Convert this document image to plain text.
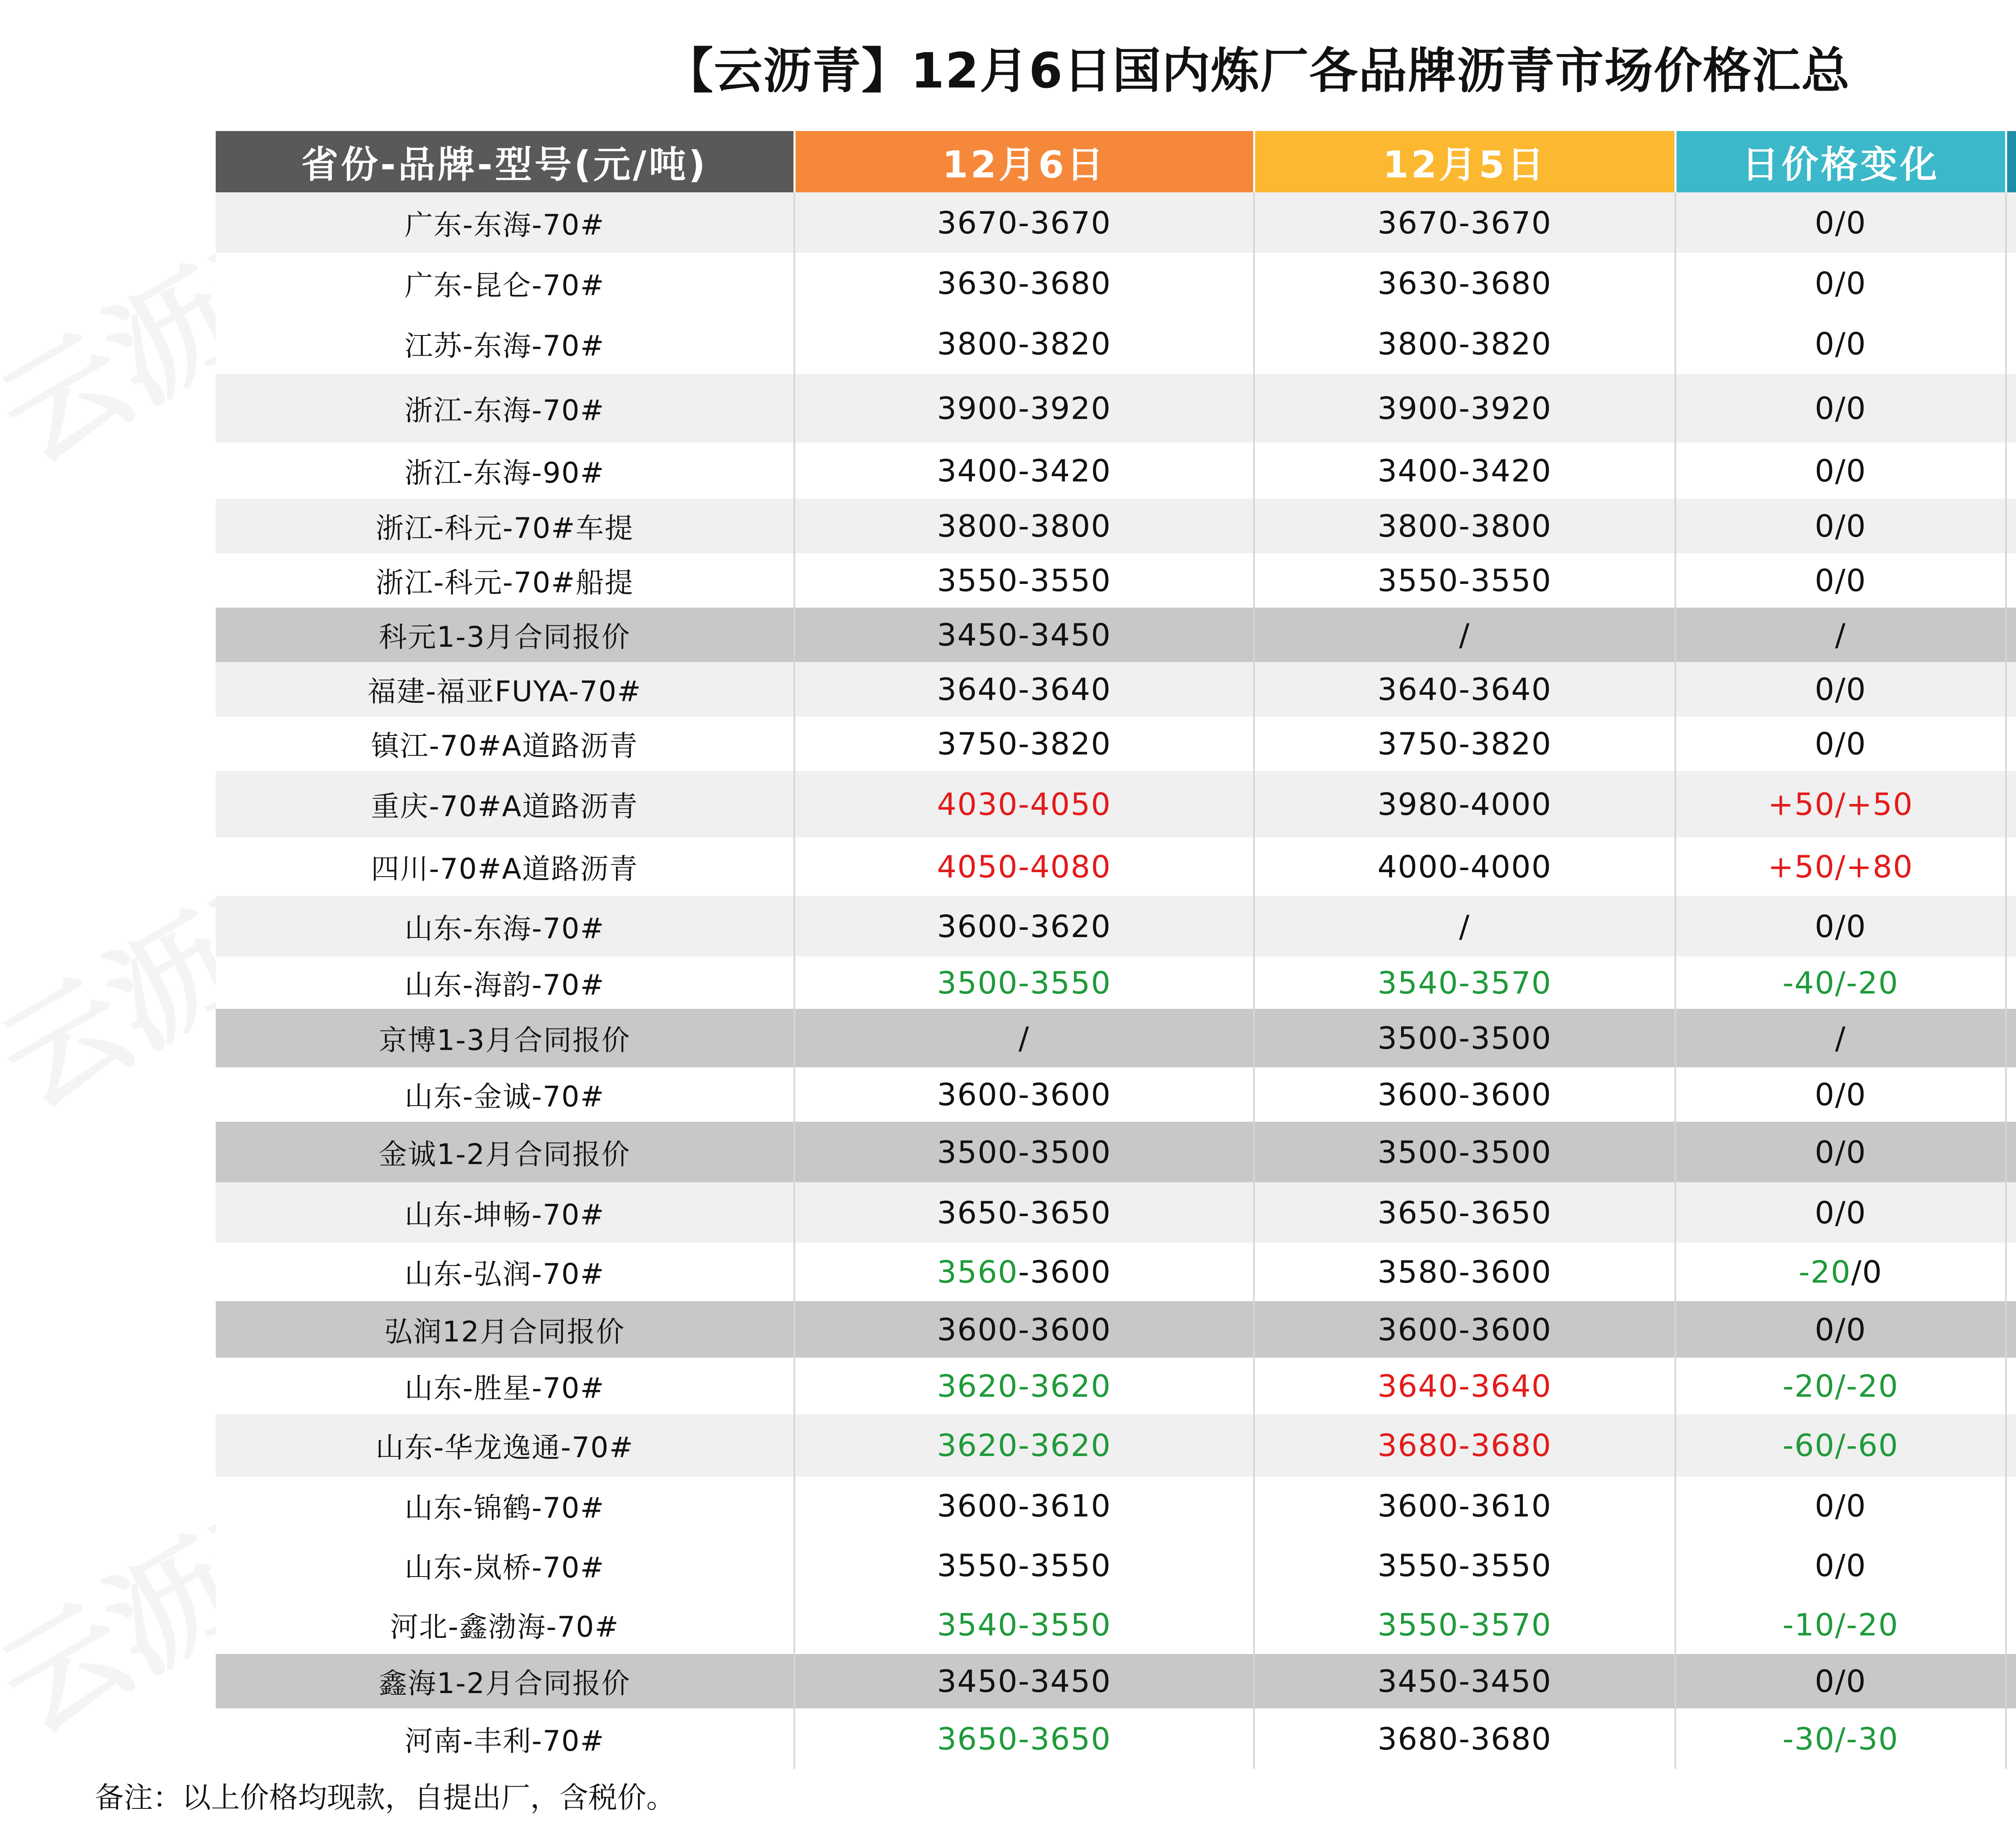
【云沥青】12月6日国内炼厂各品牌沥青市场价格汇总
省份-品牌-型号(元/吨)	12月6日	12月5日	日价格变化	
广东-东海-70#	3670-3670	3670-3670	0/0	
广东-昆仑-70#	3630-3680	3630-3680	0/0	
江苏-东海-70#	3800-3820	3800-3820	0/0	
浙江-东海-70#	3900-3920	3900-3920	0/0	
浙江-东海-90#	3400-3420	3400-3420	0/0	
浙江-科元-70#车提	3800-3800	3800-3800	0/0	
浙江-科元-70#船提	3550-3550	3550-3550	0/0	
科元1-3月合同报价	3450-3450	/	/	
福建-福亚FUYA-70#	3640-3640	3640-3640	0/0	
镇江-70#A道路沥青	3750-3820	3750-3820	0/0	
重庆-70#A道路沥青	4030-4050	3980-4000	+50/+50	
四川-70#A道路沥青	4050-4080	4000-4000	+50/+80	
山东-东海-70#	3600-3620	/	0/0	
山东-海韵-70#	3500-3550	3540-3570	-40/-20	
京博1-3月合同报价	/	3500-3500	/	
山东-金诚-70#	3600-3600	3600-3600	0/0	
金诚1-2月合同报价	3500-3500	3500-3500	0/0	
山东-坤畅-70#	3650-3650	3650-3650	0/0	
山东-弘润-70#	3560-3600	3580-3600	-20/0	
弘润12月合同报价	3600-3600	3600-3600	0/0	
山东-胜星-70#	3620-3620	3640-3640	-20/-20	
山东-华龙逸通-70#	3620-3620	3680-3680	-60/-60	
山东-锦鹤-70#	3600-3610	3600-3610	0/0	
山东-岚桥-70#	3550-3550	3550-3550	0/0	
河北-鑫渤海-70#	3540-3550	3550-3570	-10/-20	
鑫海1-2月合同报价	3450-3450	3450-3450	0/0	
河南-丰利-70#	3650-3650	3680-3680	-30/-30	
备注：以上价格均现款，自提出厂，含税价。
